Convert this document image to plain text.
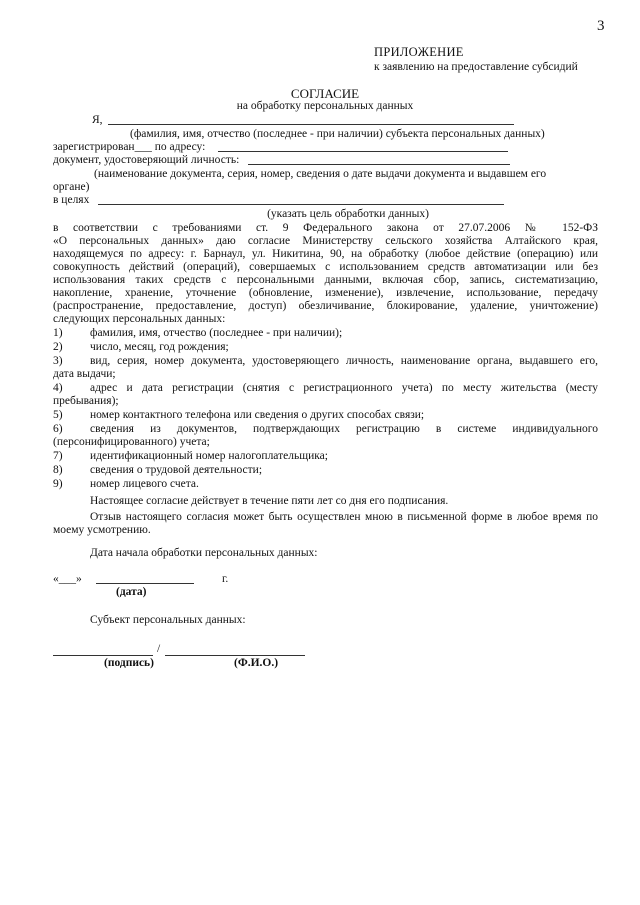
3
ПРИЛОЖЕНИЕ
к заявлению на предоставление субсидий
СОГЛАСИЕ
на обработку персональных данных
Я,
(фамилия, имя, отчество (последнее - при наличии) субъекта персональных данных)
зарегистрирован___ по адресу:
документ, удостоверяющий личность:
(наименование документа, серия, номер, сведения о дате выдачи документа и выдавшем его
органе)
в целях
(указать цель обработки данных)
в соответствии с требованиями ст. 9 Федерального закона от 27.07.2006 № 152-ФЗ
«О персональных данных» даю согласие Министерству сельского хозяйства Алтайского края,
находящемуся по адресу: г. Барнаул, ул. Никитина, 90, на обработку (любое действие (операцию) или
совокупность действий (операций), совершаемых с использованием средств автоматизации или без
использования таких средств с персональными данными, включая сбор, запись, систематизацию,
накопление, хранение, уточнение (обновление, изменение), извлечение, использование, передачу
(распространение, предоставление, доступ) обезличивание, блокирование, удаление, уничтожение)
следующих персональных данных:
1) фамилия, имя, отчество (последнее - при наличии);
2) число, месяц, год рождения;
3) вид, серия, номер документа, удостоверяющего личность, наименование органа, выдавшего его,
дата выдачи;
4) адрес и дата регистрации (снятия с регистрационного учета) по месту жительства (месту
пребывания);
5) номер контактного телефона или сведения о других способах связи;
6) сведения из документов, подтверждающих регистрацию в системе индивидуального
(персонифицированного) учета;
7) идентификационный номер налогоплательщика;
8) сведения о трудовой деятельности;
9) номер лицевого счета.
Настоящее согласие действует в течение пяти лет со дня его подписания.
Отзыв настоящего согласия может быть осуществлен мною в письменной форме в любое время по
моему усмотрению.
Дата начала обработки персональных данных:
«___»	г.
(дата)
Субъект персональных данных:
/
(подпись)	(Ф.И.О.)
